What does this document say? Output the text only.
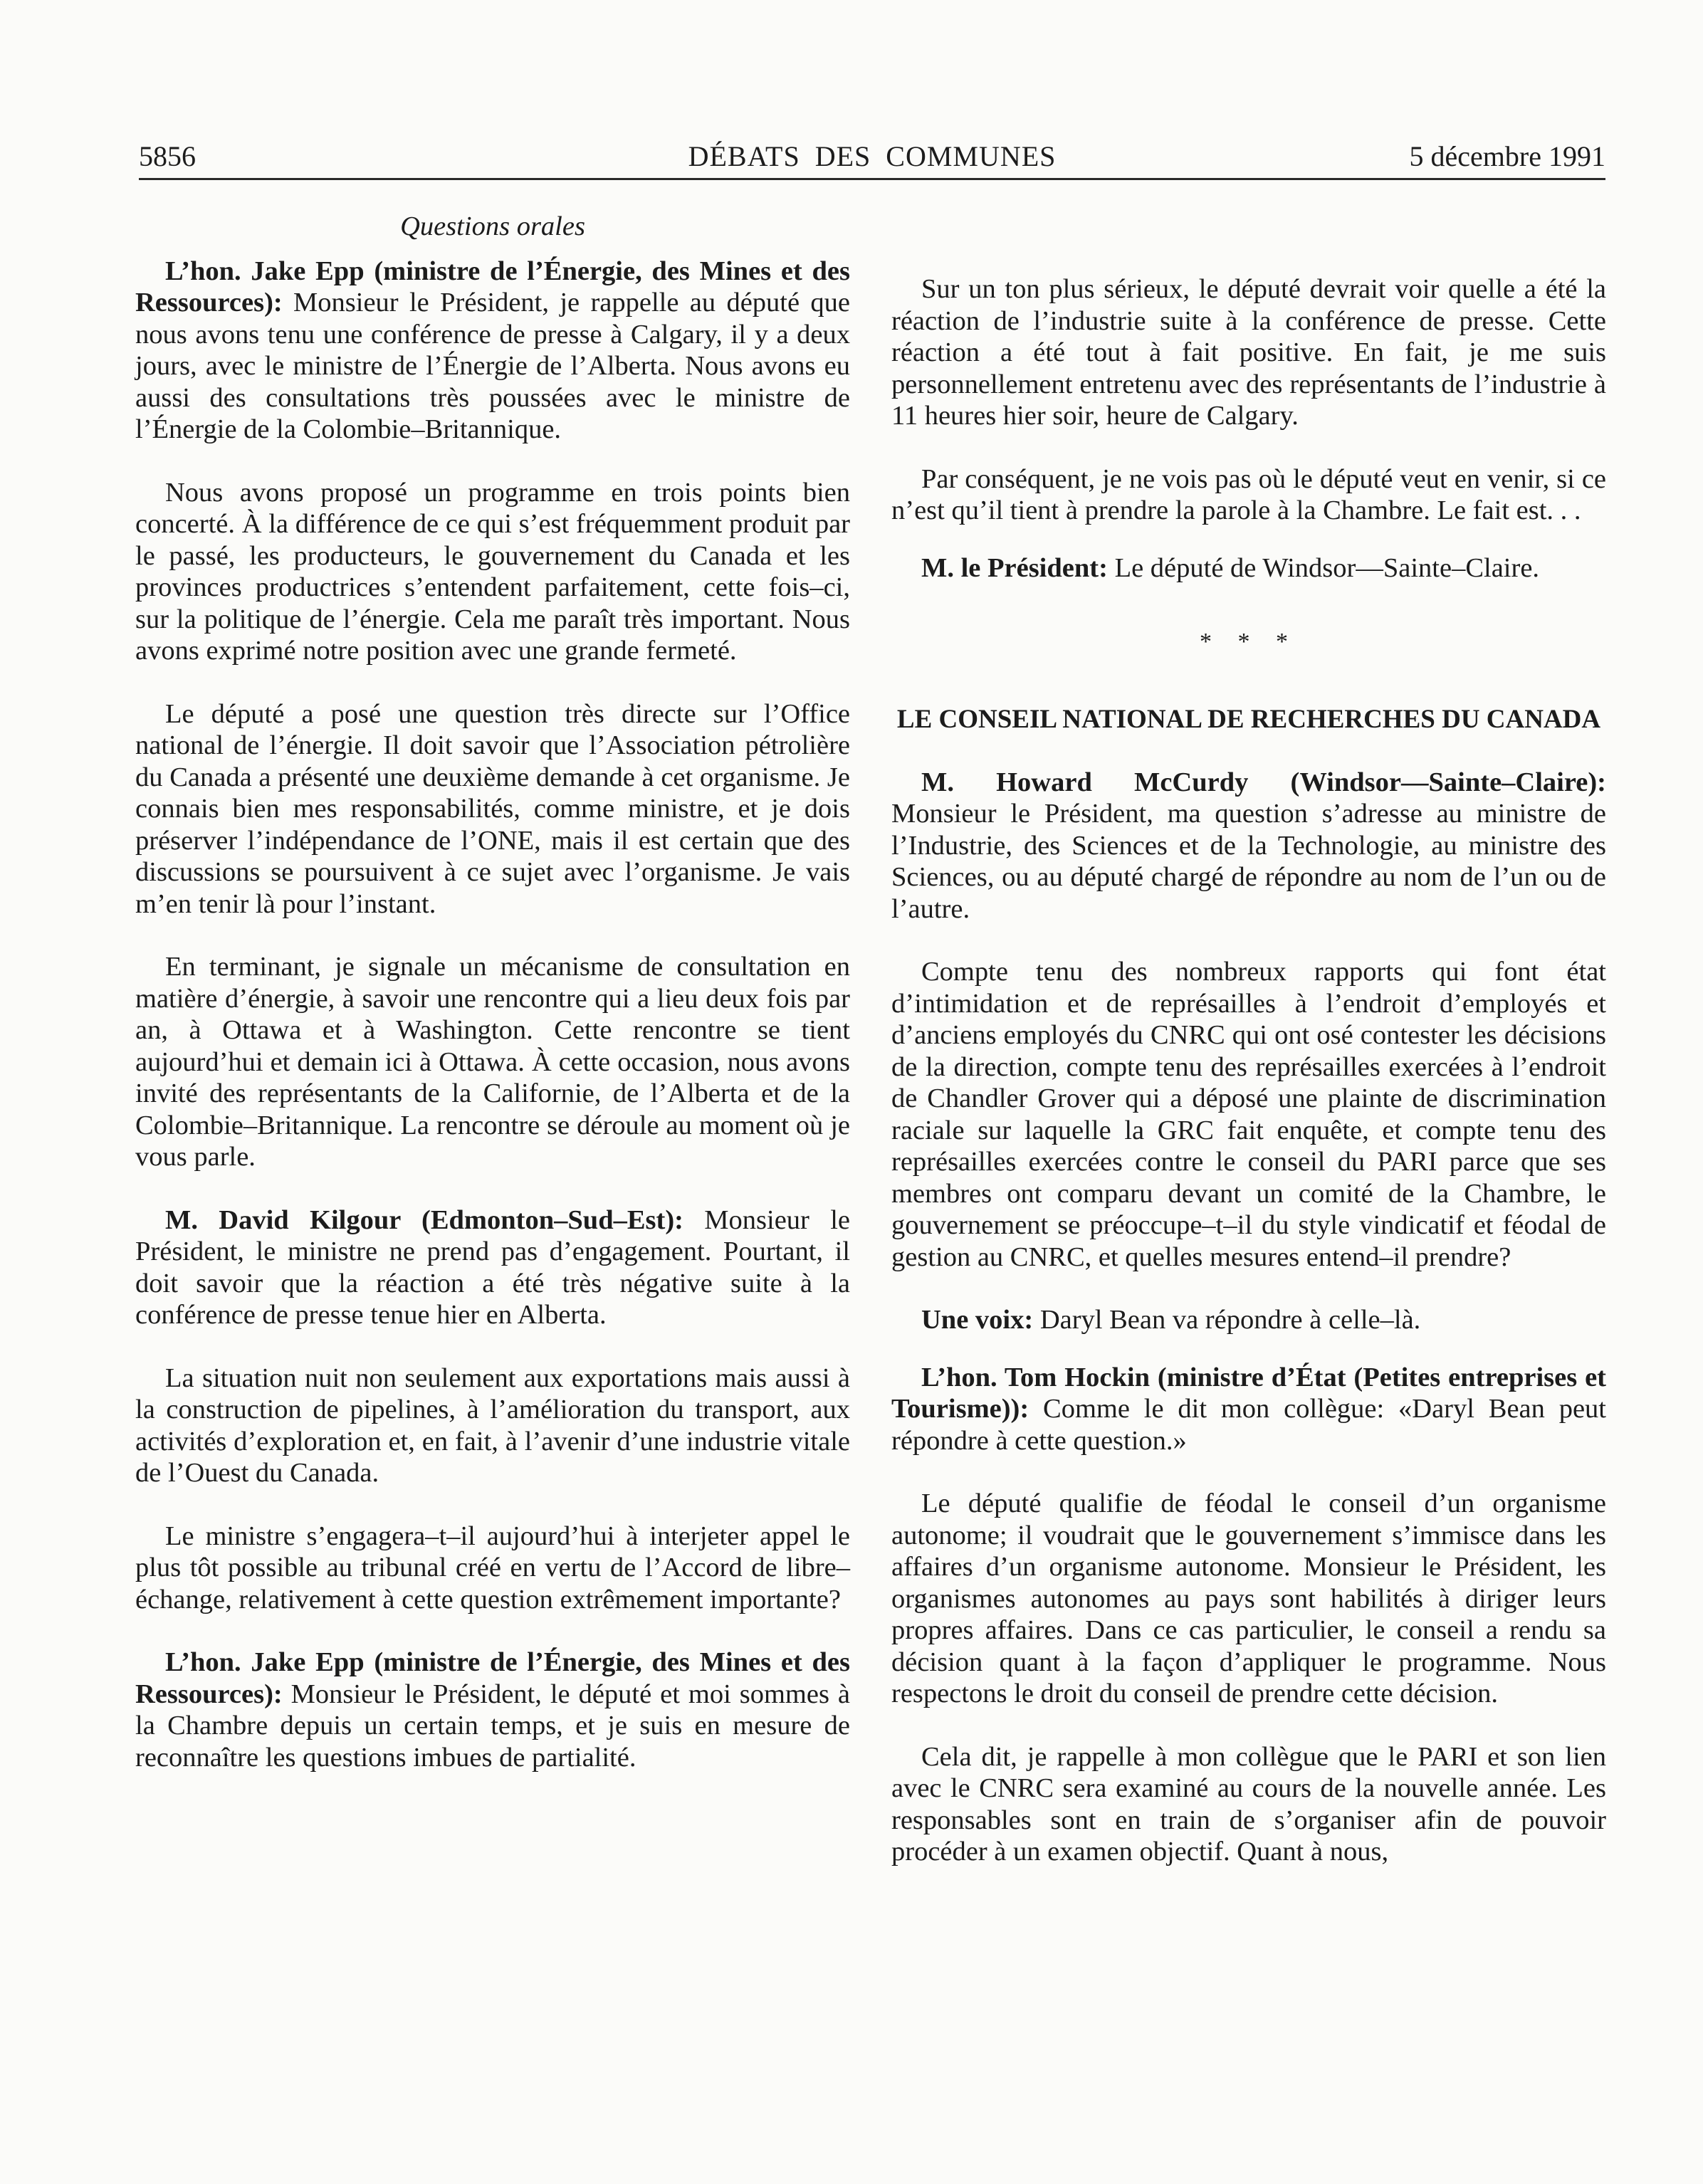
5856	DÉBATS DES COMMUNES	5 décembre 1991
Questions orales

L’hon. Jake Epp (ministre de l’Énergie, des Mines et des Ressources): Monsieur le Président, je rappelle au député que nous avons tenu une conférence de presse à Calgary, il y a deux jours, avec le ministre de l’Énergie de l’Alberta. Nous avons eu aussi des consultations très poussées avec le ministre de l’Énergie de la Colombie–Britannique.

Nous avons proposé un programme en trois points bien concerté. À la différence de ce qui s’est fréquemment produit par le passé, les producteurs, le gouvernement du Canada et les provinces productrices s’entendent parfaitement, cette fois–ci, sur la politique de l’énergie. Cela me paraît très important. Nous avons exprimé notre position avec une grande fermeté.

Le député a posé une question très directe sur l’Office national de l’énergie. Il doit savoir que l’Association pétrolière du Canada a présenté une deuxième demande à cet organisme. Je connais bien mes responsabilités, comme ministre, et je dois préserver l’indépendance de l’ONE, mais il est certain que des discussions se poursuivent à ce sujet avec l’organisme. Je vais m’en tenir là pour l’instant.

En terminant, je signale un mécanisme de consultation en matière d’énergie, à savoir une rencontre qui a lieu deux fois par an, à Ottawa et à Washington. Cette rencontre se tient aujourd’hui et demain ici à Ottawa. À cette occasion, nous avons invité des représentants de la Californie, de l’Alberta et de la Colombie–Britannique. La rencontre se déroule au moment où je vous parle.

M. David Kilgour (Edmonton–Sud–Est): Monsieur le Président, le ministre ne prend pas d’engagement. Pourtant, il doit savoir que la réaction a été très négative suite à la conférence de presse tenue hier en Alberta.

La situation nuit non seulement aux exportations mais aussi à la construction de pipelines, à l’amélioration du transport, aux activités d’exploration et, en fait, à l’avenir d’une industrie vitale de l’Ouest du Canada.

Le ministre s’engagera–t–il aujourd’hui à interjeter appel le plus tôt possible au tribunal créé en vertu de l’Accord de libre–échange, relativement à cette question extrêmement importante?

L’hon. Jake Epp (ministre de l’Énergie, des Mines et des Ressources): Monsieur le Président, le député et moi sommes à la Chambre depuis un certain temps, et je suis en mesure de reconnaître les questions imbues de partialité.

Sur un ton plus sérieux, le député devrait voir quelle a été la réaction de l’industrie suite à la conférence de presse. Cette réaction a été tout à fait positive. En fait, je me suis personnellement entretenu avec des représentants de l’industrie à 11 heures hier soir, heure de Calgary.

Par conséquent, je ne vois pas où le député veut en venir, si ce n’est qu’il tient à prendre la parole à la Chambre. Le fait est. . .

M. le Président: Le député de Windsor—Sainte–Claire.

* * *
LE CONSEIL NATIONAL DE RECHERCHES DU CANADA

M. Howard McCurdy (Windsor—Sainte–Claire): Monsieur le Président, ma question s’adresse au ministre de l’Industrie, des Sciences et de la Technologie, au ministre des Sciences, ou au député chargé de répondre au nom de l’un ou de l’autre.

Compte tenu des nombreux rapports qui font état d’intimidation et de représailles à l’endroit d’employés et d’anciens employés du CNRC qui ont osé contester les décisions de la direction, compte tenu des représailles exercées à l’endroit de Chandler Grover qui a déposé une plainte de discrimination raciale sur laquelle la GRC fait enquête, et compte tenu des représailles exercées contre le conseil du PARI parce que ses membres ont comparu devant un comité de la Chambre, le gouvernement se préoccupe–t–il du style vindicatif et féodal de gestion au CNRC, et quelles mesures entend–il prendre?

Une voix: Daryl Bean va répondre à celle–là.

L’hon. Tom Hockin (ministre d’État (Petites entreprises et Tourisme)): Comme le dit mon collègue: «Daryl Bean peut répondre à cette question.»

Le député qualifie de féodal le conseil d’un organisme autonome; il voudrait que le gouvernement s’immisce dans les affaires d’un organisme autonome. Monsieur le Président, les organismes autonomes au pays sont habilités à diriger leurs propres affaires. Dans ce cas particulier, le conseil a rendu sa décision quant à la façon d’appliquer le programme. Nous respectons le droit du conseil de prendre cette décision.

Cela dit, je rappelle à mon collègue que le PARI et son lien avec le CNRC sera examiné au cours de la nouvelle année. Les responsables sont en train de s’organiser afin de pouvoir procéder à un examen objectif. Quant à nous,
